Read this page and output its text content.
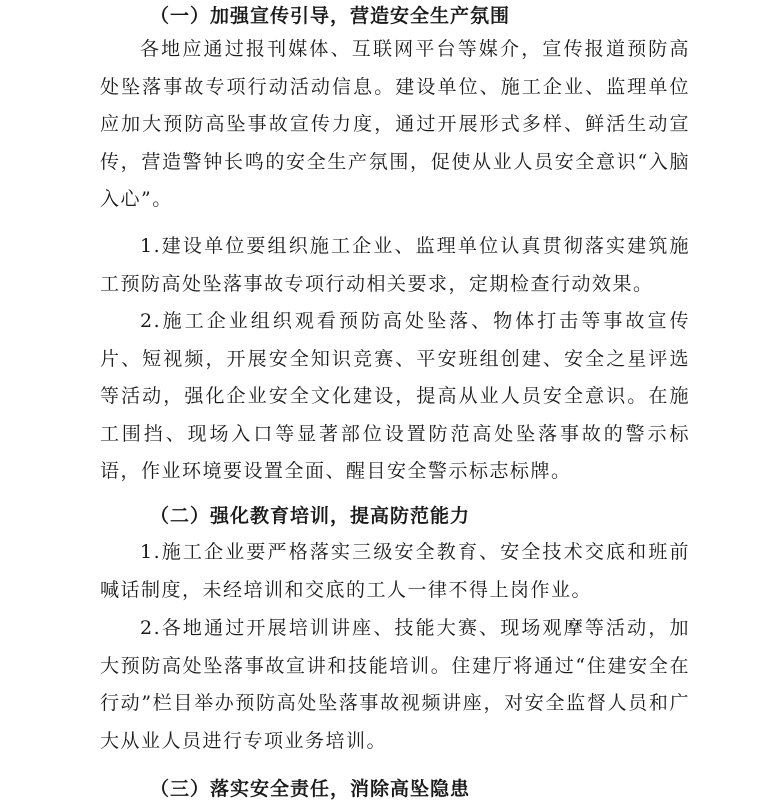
（一）加强宣传引导，营造安全生产氛围

各地应通过报刊媒体、互联网平台等媒介，宣传报道预防高处坠落事故专项行动活动信息。建设单位、施工企业、监理单位应加大预防高坠事故宣传力度，通过开展形式多样、鲜活生动宣传，营造警钟长鸣的安全生产氛围，促使从业人员安全意识“入脑入心”。

1.建设单位要组织施工企业、监理单位认真贯彻落实建筑施工预防高处坠落事故专项行动相关要求，定期检查行动效果。

2.施工企业组织观看预防高处坠落、物体打击等事故宣传片、短视频，开展安全知识竞赛、平安班组创建、安全之星评选等活动，强化企业安全文化建设，提高从业人员安全意识。在施工围挡、现场入口等显著部位设置防范高处坠落事故的警示标语，作业环境要设置全面、醒目安全警示标志标牌。

（二）强化教育培训，提高防范能力

1.施工企业要严格落实三级安全教育、安全技术交底和班前喊话制度，未经培训和交底的工人一律不得上岗作业。

2.各地通过开展培训讲座、技能大赛、现场观摩等活动，加大预防高处坠落事故宣讲和技能培训。住建厅将通过“住建安全在行动”栏目举办预防高处坠落事故视频讲座，对安全监督人员和广大从业人员进行专项业务培训。

（三）落实安全责任，消除高坠隐患
